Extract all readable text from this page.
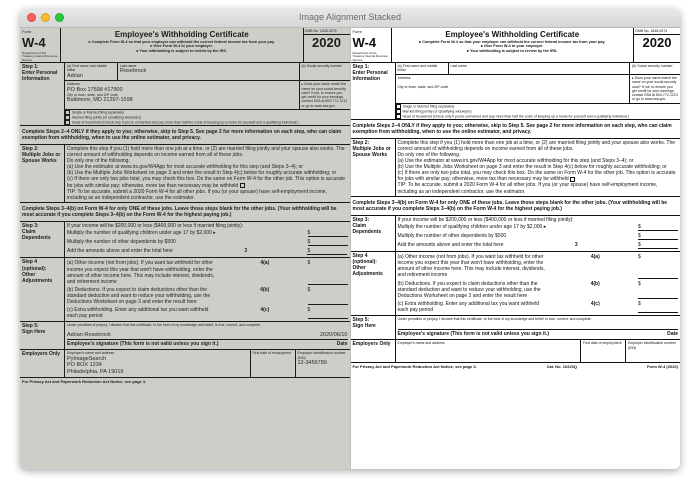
Image Alignment Stacked
Form
W-4
Department of the Treasury Internal Revenue Service
Employee's Withholding Certificate
▸ Complete Form W-4 so that your employer can withhold the correct federal income tax from your pay.
▸ Give Form W-4 to your employer.
▸ Your withholding is subject to review by the IRS.
OMB No. 1545-0074
2020
Step 1:
Enter Personal Information
(a) First name and middle initial
Adrian
Last name
Rosebrock
(b) Social security number
Address
PO Box 17598 #17900
City or town, state, and ZIP code
Baltimore, MD 21297-1598
▸ Does your name match the name on your social security card? If not, to ensure you get credit for your earnings, contact SSA at 800-772-1213 or go to www.ssa.gov.
Single or Married filing separately
Married filing jointly (or Qualifying widow(er))
Head of household (Check only if you're unmarried and pay more than half the costs of keeping up a home for yourself and a qualifying individual.)
Complete Steps 2–4 ONLY if they apply to you; otherwise, skip to Step 5. See page 2 for more information on each step, who can claim exemption from withholding, when to use the online estimator, and privacy.
Step 2:
Multiple Jobs or Spouse Works
Complete this step if you (1) hold more than one job at a time, or (2) are married filing jointly and your spouse also works. The correct amount of withholding depends on income earned from all of these jobs.
Do only one of the following.
(a) Use the estimator at www.irs.gov/W4App for most accurate withholding for this step (and Steps 3–4); or
(b) Use the Multiple Jobs Worksheet on page 3 and enter the result in Step 4(c) below for roughly accurate withholding; or
(c) If there are only two jobs total, you may check this box. Do the same on Form W-4 for the other job. This option is accurate for jobs with similar pay; otherwise, more tax than necessary may be withheld
TIP: To be accurate, submit a 2020 Form W-4 for all other jobs. If you (or your spouse) have self-employment income, including as an independent contractor, use the estimator.
Complete Steps 3–4(b) on Form W-4 for only ONE of these jobs. Leave those steps blank for the other jobs. (Your withholding will be most accurate if you complete Steps 3–4(b) on the Form W-4 for the highest paying job.)
Step 3:
Claim Dependents
If your income will be $200,000 or less ($400,000 or less if married filing jointly):
Multiply the number of qualifying children under age 17 by $2,000 ▸	$
Multiply the number of other dependents by $500	$
Add the amounts above and enter the total here	3	$
Step 4 (optional):
Other Adjustments
(a) Other income (not from jobs). If you want tax withheld for other income you expect this year that won't have withholding, enter the amount of other income here. This may include interest, dividends, and retirement income
4(a)	$
(b) Deductions. If you expect to claim deductions other than the standard deduction and want to reduce your withholding, use the Deductions Worksheet on page 3 and enter the result here
4(b)	$
(c) Extra withholding. Enter any additional tax you want withheld each pay period
4(c)	$
Step 5:
Sign Here
Under penalties of perjury, I declare that this certificate, to the best of my knowledge and belief, is true, correct, and complete.
Adrian Rosebrock	2020/06/10
Employee's signature (This form is not valid unless you sign it.)	Date
Employers Only	Employer's name and address
PyImageSearch
PO BOX 1234
Philadelphia, PA 19019
First date of employment	Employer identification number (EIN)
12-3456789
For Privacy Act and Paperwork Reduction Act Notice, see page 3.
Form
W-4
Department of the Treasury Internal Revenue Service
Employee's Withholding Certificate
▸ Complete Form W-4 so that your employer can withhold the correct federal income tax from your pay.
▸ Give Form W-4 to your employer.
▸ Your withholding is subject to review by the IRS.
OMB No. 1545-0074
2020
Step 1:
Enter Personal Information
(a) First name and middle initial
Last name	(b) Social security number
Address
City or town, state, and ZIP code
▸ Does your name match the name on your social security card? If not, to ensure you get credit for your earnings, contact SSA at 800-772-1213 or go to www.ssa.gov.
Single or Married filing separately
Married filing jointly (or Qualifying widow(er))
Head of household (Check only if you're unmarried and pay more than half the costs of keeping up a home for yourself and a qualifying individual.)
Complete Steps 2–4 ONLY if they apply to you; otherwise, skip to Step 5. See page 2 for more information on each step, who can claim exemption from withholding, when to use the online estimator, and privacy.
Step 2:
Multiple Jobs or Spouse Works
Complete this step if you (1) hold more than one job at a time, or (2) are married filing jointly and your spouse also works. The correct amount of withholding depends on income earned from all of these jobs.
Do only one of the following.
(a) Use the estimator at www.irs.gov/W4App for most accurate withholding for this step (and Steps 3–4); or
(b) Use the Multiple Jobs Worksheet on page 3 and enter the result in Step 4(c) below for roughly accurate withholding; or
(c) If there are only two jobs total, you may check this box. Do the same on Form W-4 for the other job. This option is accurate for jobs with similar pay; otherwise, more tax than necessary may be withheld
TIP: To be accurate, submit a 2020 Form W-4 for all other jobs. If you (or your spouse) have self-employment income, including as an independent contractor, use the estimator.
Complete Steps 3–4(b) on Form W-4 for only ONE of these jobs. Leave those steps blank for the other jobs. (Your withholding will be most accurate if you complete Steps 3–4(b) on the Form W-4 for the highest paying job.)
Step 3:
Claim Dependents
If your income will be $200,000 or less ($400,000 or less if married filing jointly):
Multiply the number of qualifying children under age 17 by $2,000 ▸	$
Multiply the number of other dependents by $500	$
Add the amounts above and enter the total here	3	$
Step 4 (optional):
Other Adjustments
(a) Other income (not from jobs). If you want tax withheld for other income you expect this year that won't have withholding, enter the amount of other income here. This may include interest, dividends, and retirement income
4(a)	$
(b) Deductions. If you expect to claim deductions other than the standard deduction and want to reduce your withholding, use the Deductions Worksheet on page 3 and enter the result here
4(b)	$
(c) Extra withholding. Enter any additional tax you want withheld each pay period
4(c)	$
Step 5:
Sign Here
Under penalties of perjury, I declare that this certificate, to the best of my knowledge and belief, is true, correct, and complete.
Employee's signature (This form is not valid unless you sign it.)	Date
Employers Only	Employer's name and address	First date of employment	Employer identification number (EIN)
For Privacy Act and Paperwork Reduction Act Notice, see page 3.	Cat. No. 10220Q	Form W-4 (2020)
